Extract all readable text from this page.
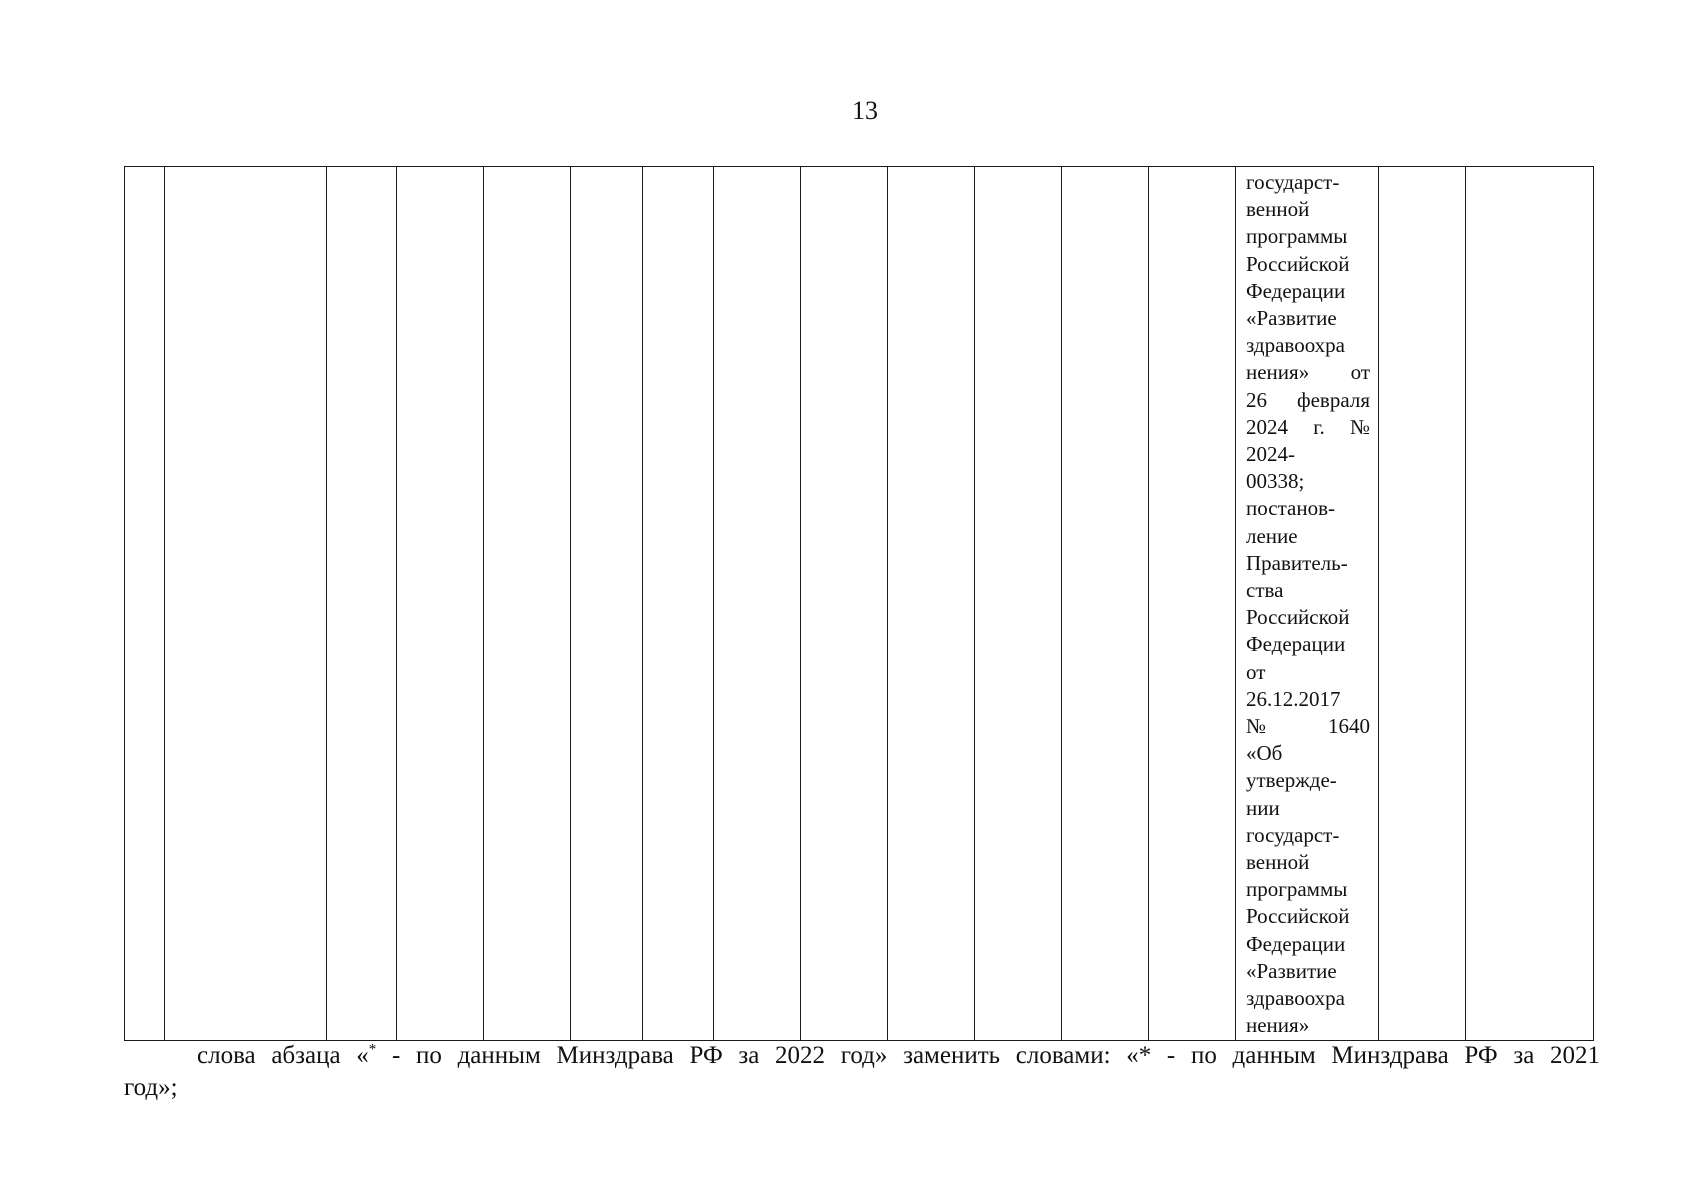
13

государст-
венной
программы
Российской
Федерации
«Развитие
здравоохра
нения» от
26 февраля
2024 г. №
2024-
00338;
постанов-
ление
Правитель-
ства
Российской
Федерации
от
26.12.2017
№	1640
«Об
утвержде-
нии
государст-
венной
программы
Российской
Федерации
«Развитие
здравоохра
нения»

слова абзаца «* - по данным Минздрава РФ за 2022 год» заменить словами: «* - по данным Минздрава РФ за 2021
год»;
